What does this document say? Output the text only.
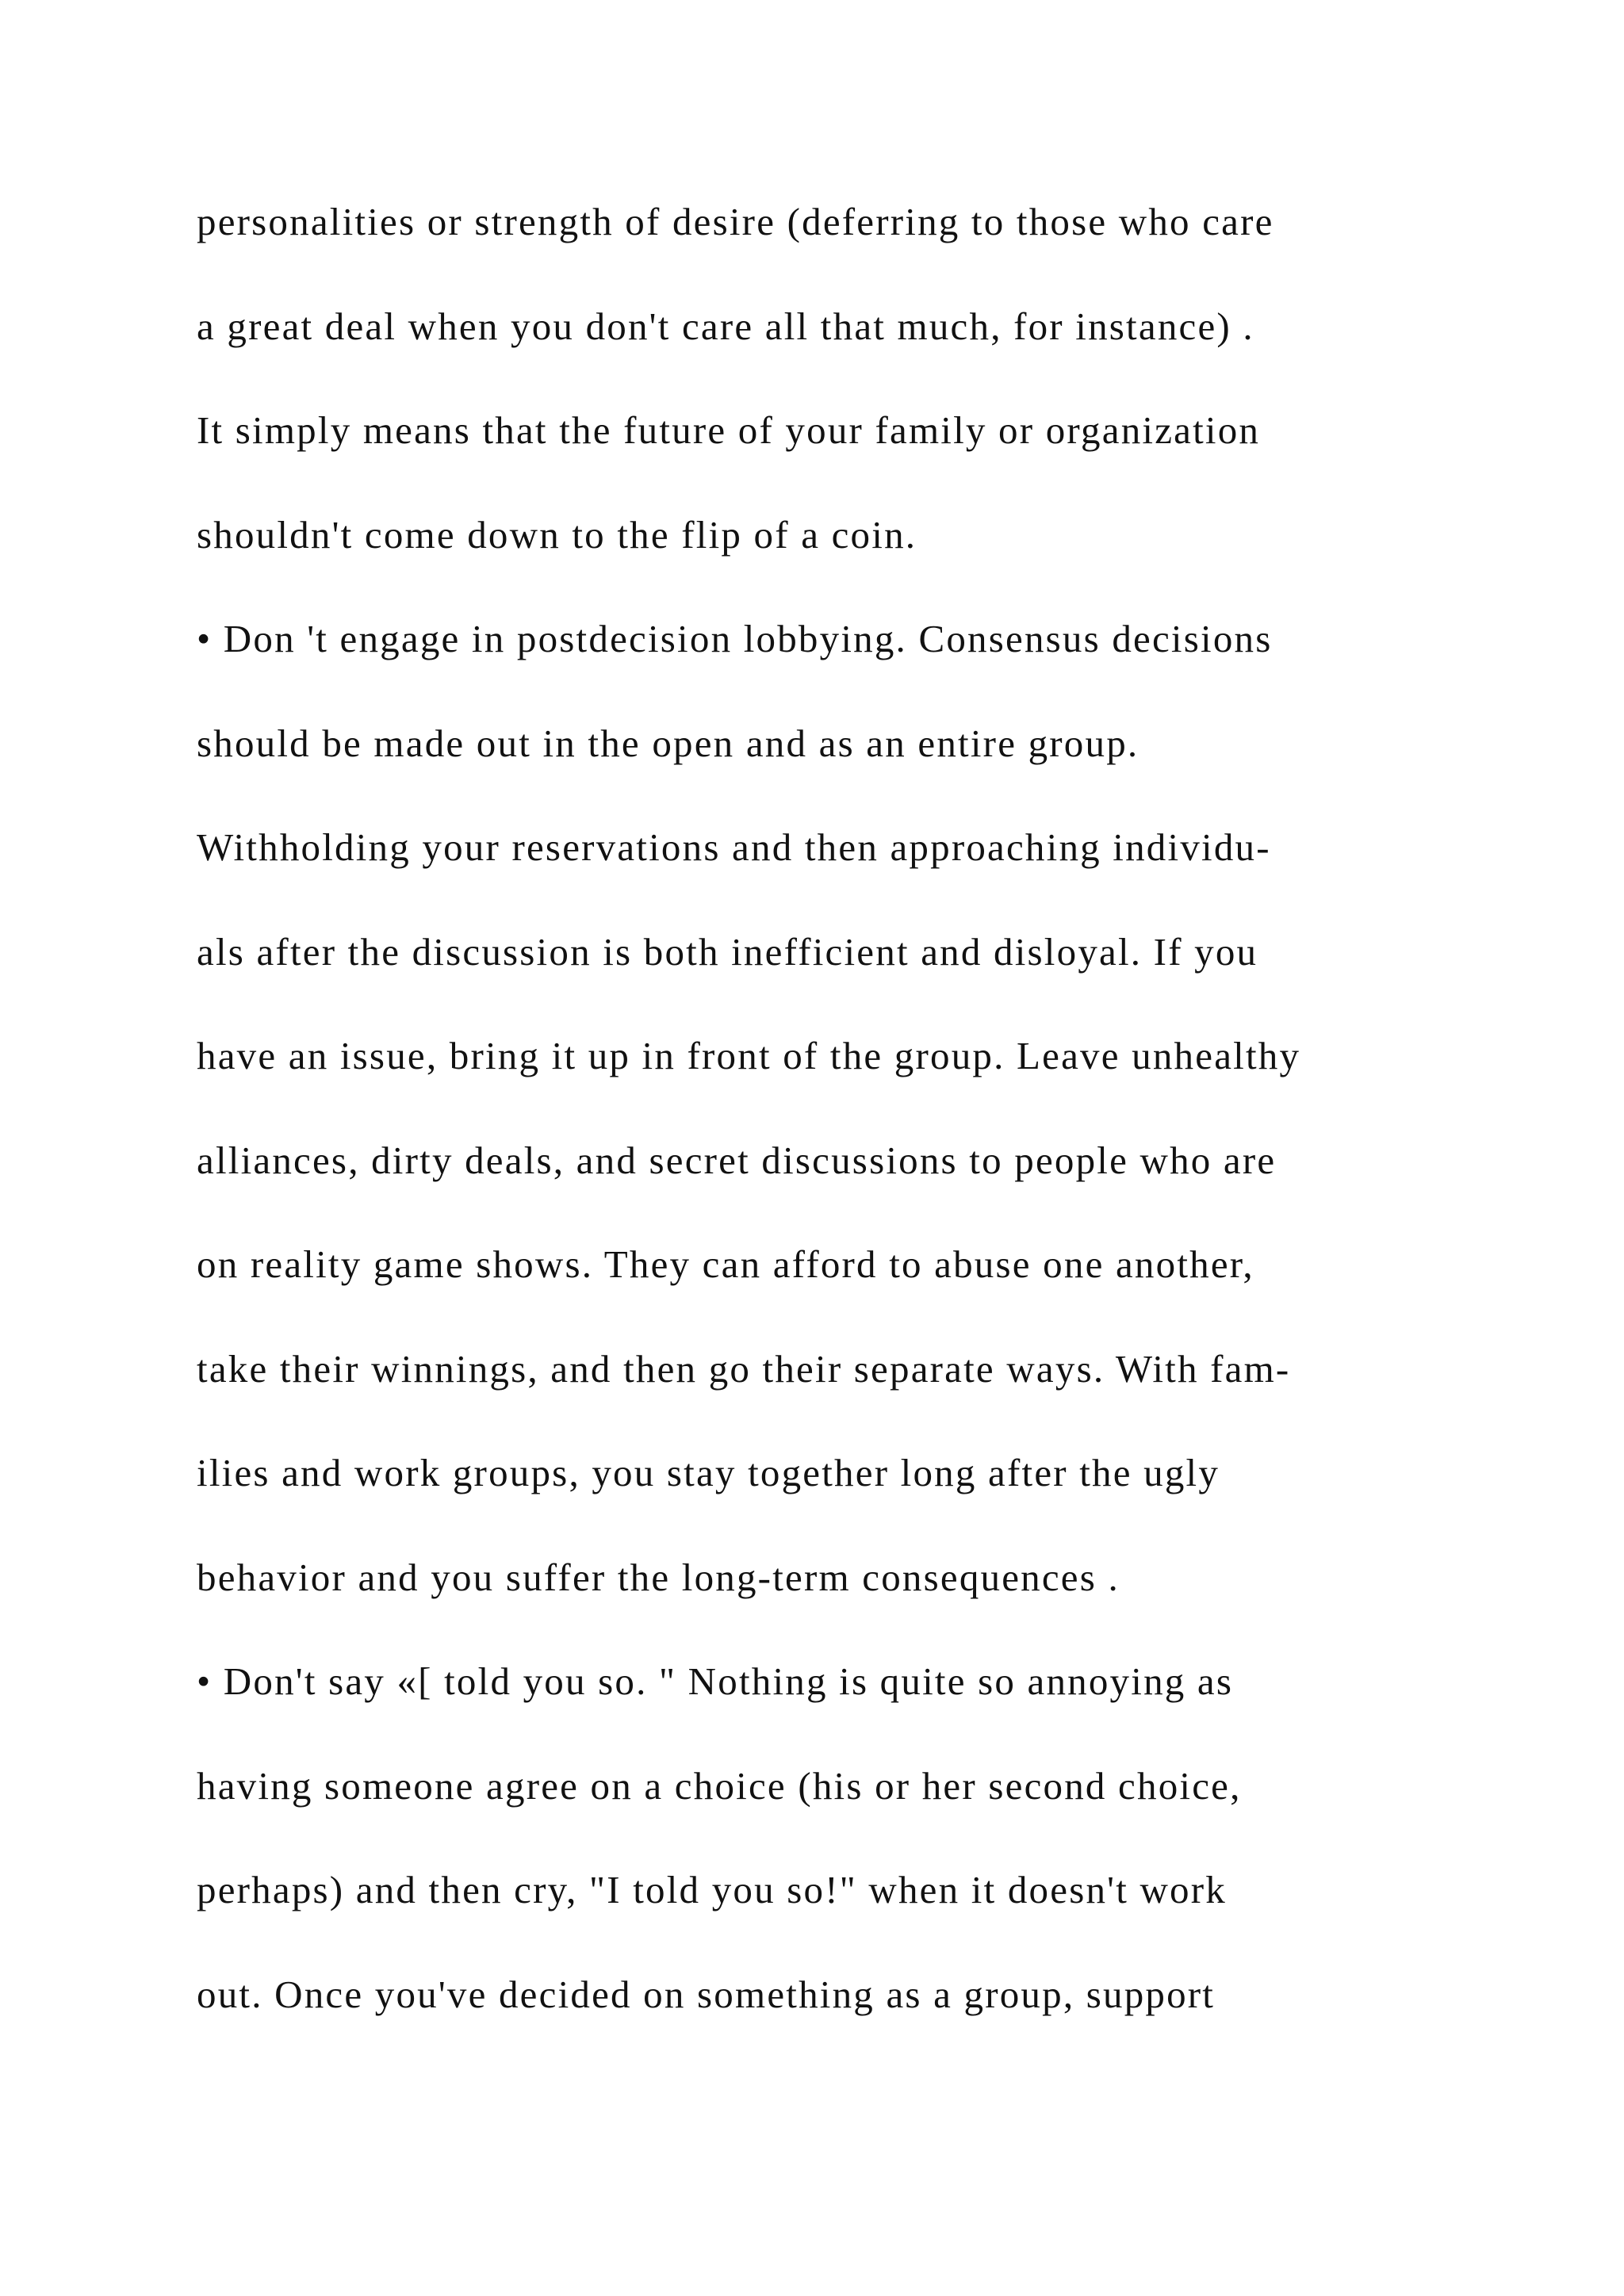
personalities or strength of desire (deferring to those who care
a great deal when you don't care all that much, for instance) .
It simply means that the future of your family or organization
shouldn't come down to the flip of a coin.
• Don 't engage in postdecision lobbying. Consensus decisions
should be made out in the open and as an entire group.
Withholding your reservations and then approaching individu-
als after the discussion is both inefficient and disloyal. If you
have an issue, bring it up in front of the group. Leave unhealthy
alliances, dirty deals, and secret discussions to people who are
on reality game shows. They can afford to abuse one another,
take their winnings, and then go their separate ways. With fam-
ilies and work groups, you stay together long after the ugly
behavior and you suffer the long-term consequences .
• Don't say «[ told you so. " Nothing is quite so annoying as
having someone agree on a choice (his or her second choice,
perhaps) and then cry, "I told you so!" when it doesn't work
out. Once you've decided on something as a group, support
